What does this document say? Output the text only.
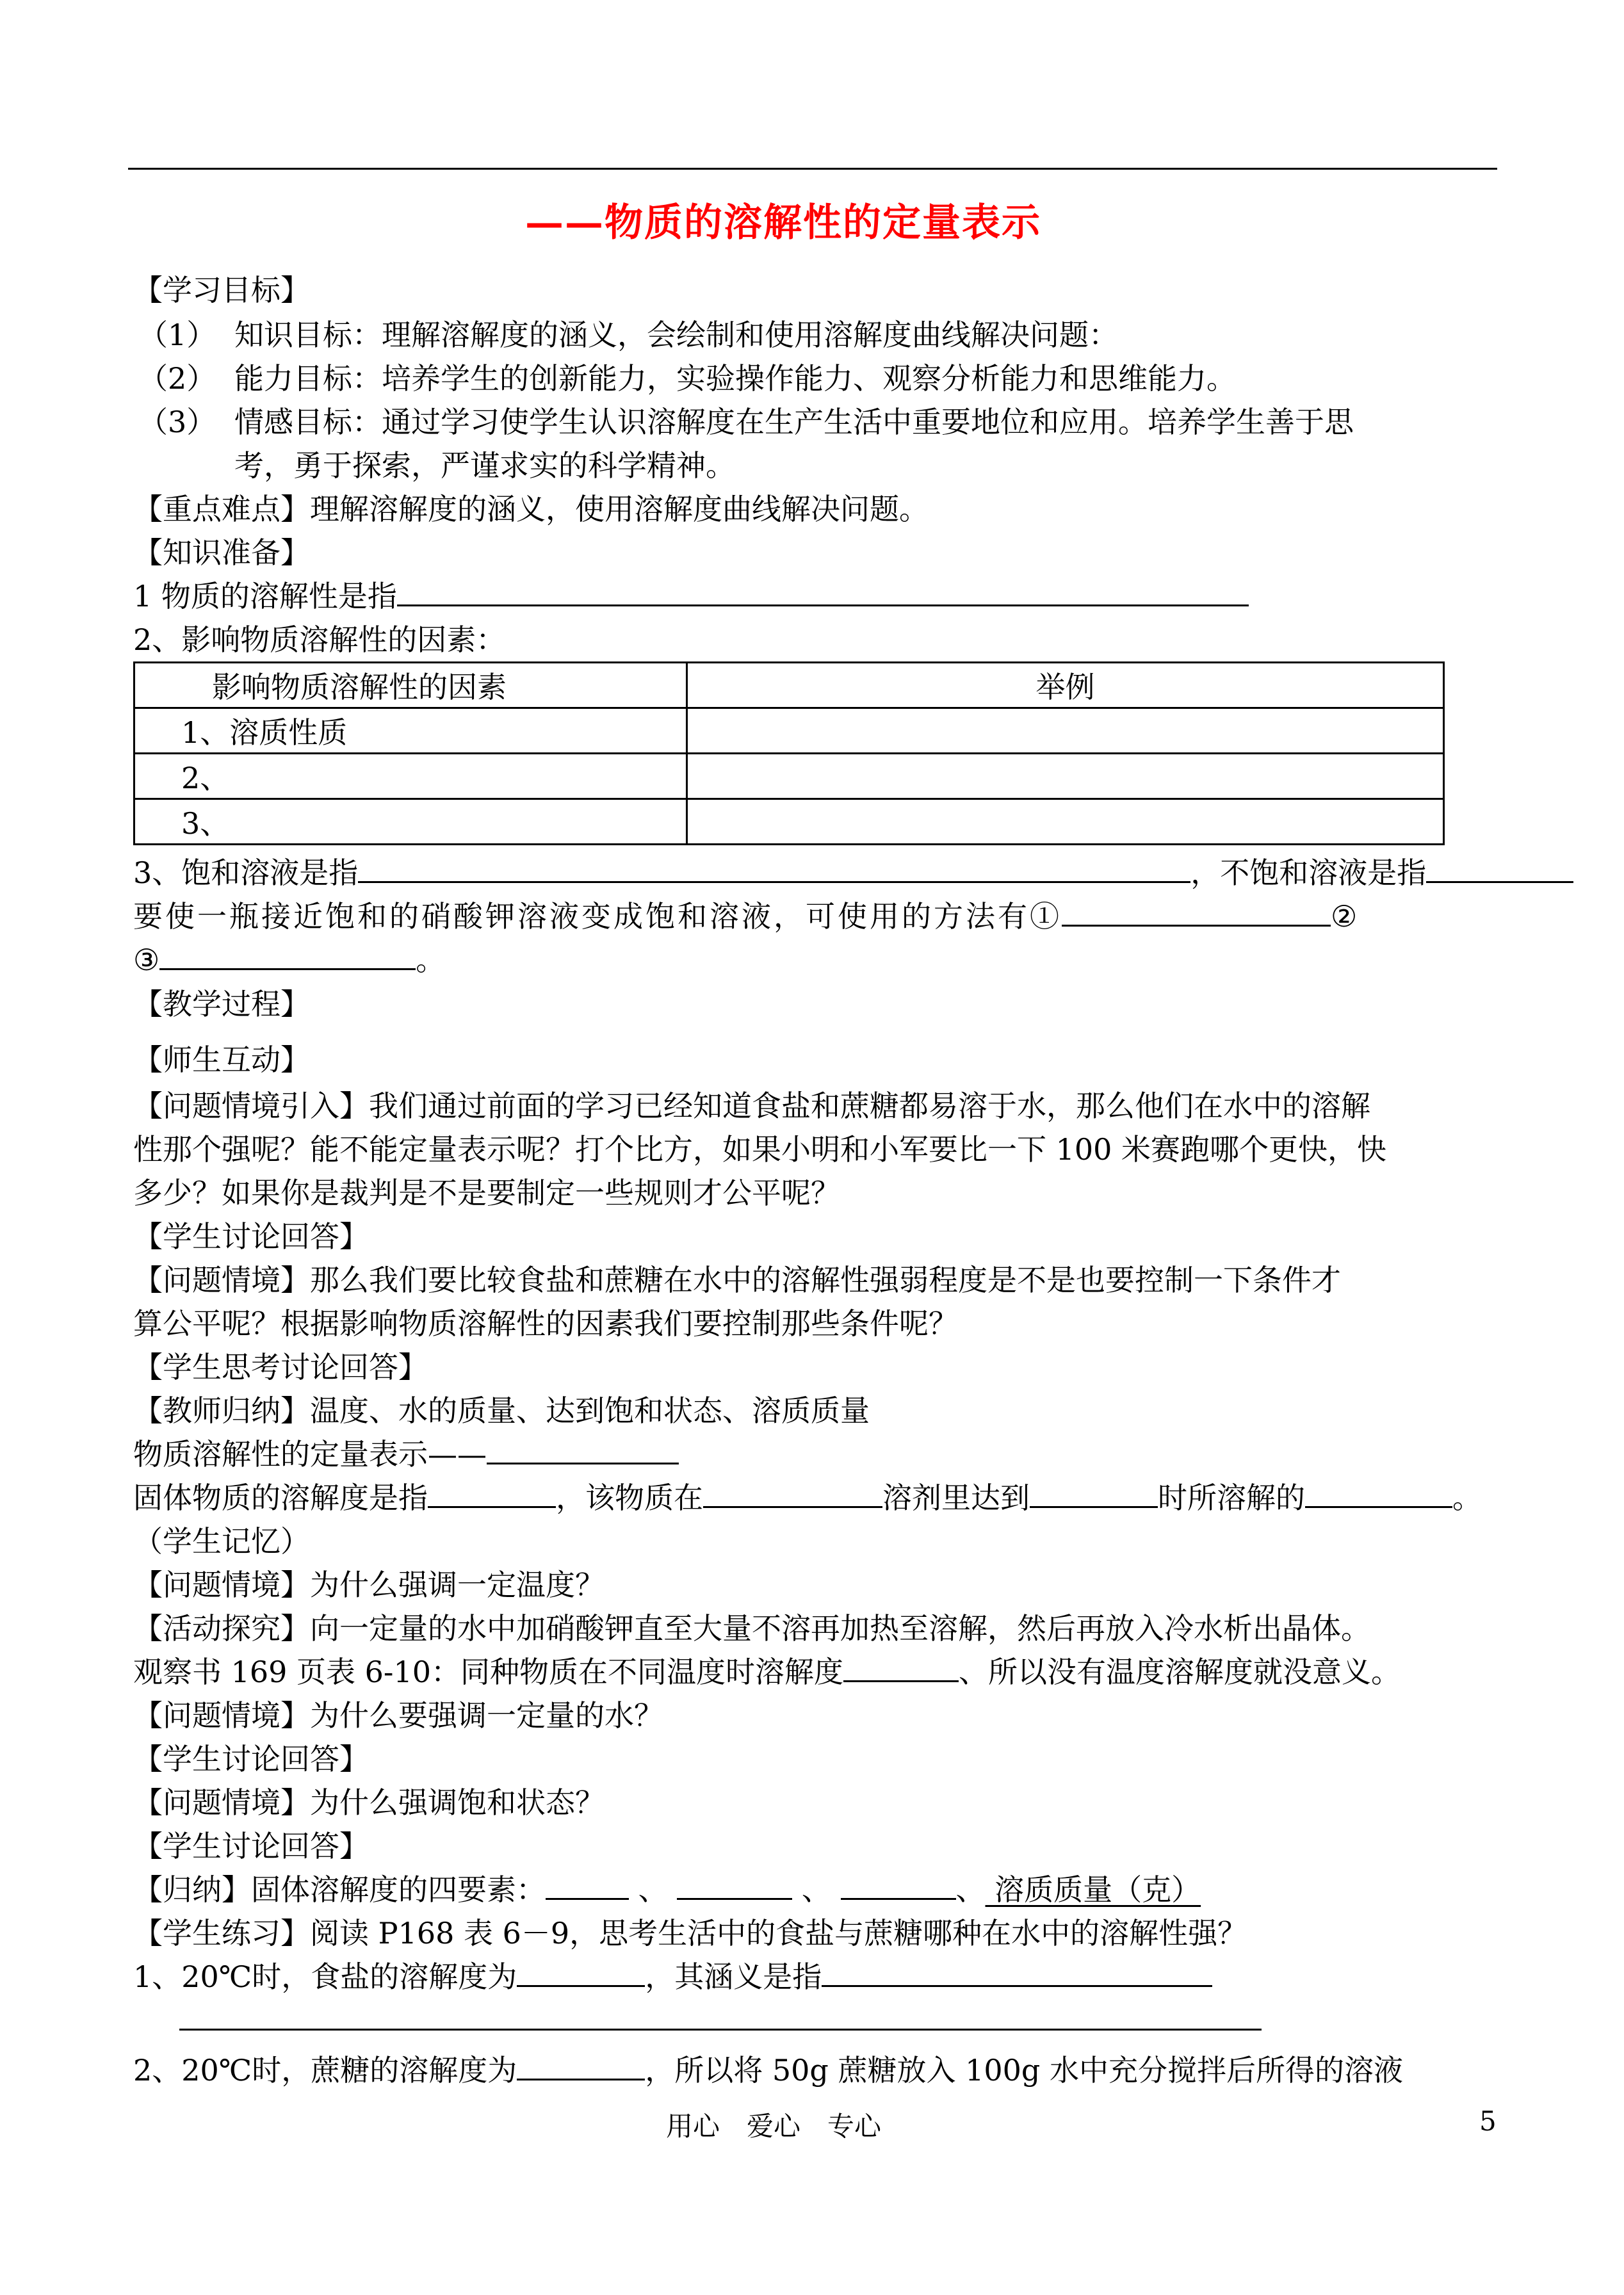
——物质的溶解性的定量表示
【学习目标】
（1） 知识目标：理解溶解度的涵义，会绘制和使用溶解度曲线解决问题：
（2） 能力目标：培养学生的创新能力，实验操作能力、观察分析能力和思维能力。
（3） 情感目标：通过学习使学生认识溶解度在生产生活中重要地位和应用。培养学生善于思
考，勇于探索，严谨求实的科学精神。
【重点难点】理解溶解度的涵义，使用溶解度曲线解决问题。
【知识准备】
1 物质的溶解性是指
2、影响物质溶解性的因素：
影响物质溶解性的因素	举例
1、溶质性质	
2、	
3、	
3、饱和溶液是指	，不饱和溶液是指
要使一瓶接近饱和的硝酸钾溶液变成饱和溶液，可使用的方法有①	②
③	。
【教学过程】
【师生互动】
【问题情境引入】我们通过前面的学习已经知道食盐和蔗糖都易溶于水，那么他们在水中的溶解
性那个强呢？能不能定量表示呢？打个比方，如果小明和小军要比一下 100 米赛跑哪个更快，快
多少？如果你是裁判是不是要制定一些规则才公平呢？
【学生讨论回答】
【问题情境】那么我们要比较食盐和蔗糖在水中的溶解性强弱程度是不是也要控制一下条件才
算公平呢？根据影响物质溶解性的因素我们要控制那些条件呢？
【学生思考讨论回答】
【教师归纳】温度、水的质量、达到饱和状态、溶质质量
物质溶解性的定量表示——
固体物质的溶解度是指	，该物质在	溶剂里达到	时所溶解的	。
（学生记忆）
【问题情境】为什么强调一定温度？
【活动探究】向一定量的水中加硝酸钾直至大量不溶再加热至溶解，然后再放入冷水析出晶体。
观察书 169 页表 6-10：同种物质在不同温度时溶解度	、所以没有温度溶解度就没意义。
【问题情境】为什么要强调一定量的水？
【学生讨论回答】
【问题情境】为什么强调饱和状态？
【学生讨论回答】
【归纳】固体溶解度的四要素：	、	、	、 溶质质量（克）
【学生练习】阅读 P168 表 6－9，思考生活中的食盐与蔗糖哪种在水中的溶解性强？
1、20℃时，食盐的溶解度为	，其涵义是指
2、20℃时，蔗糖的溶解度为	，所以将 50g 蔗糖放入 100g 水中充分搅拌后所得的溶液
用心　爱心　专心	5
